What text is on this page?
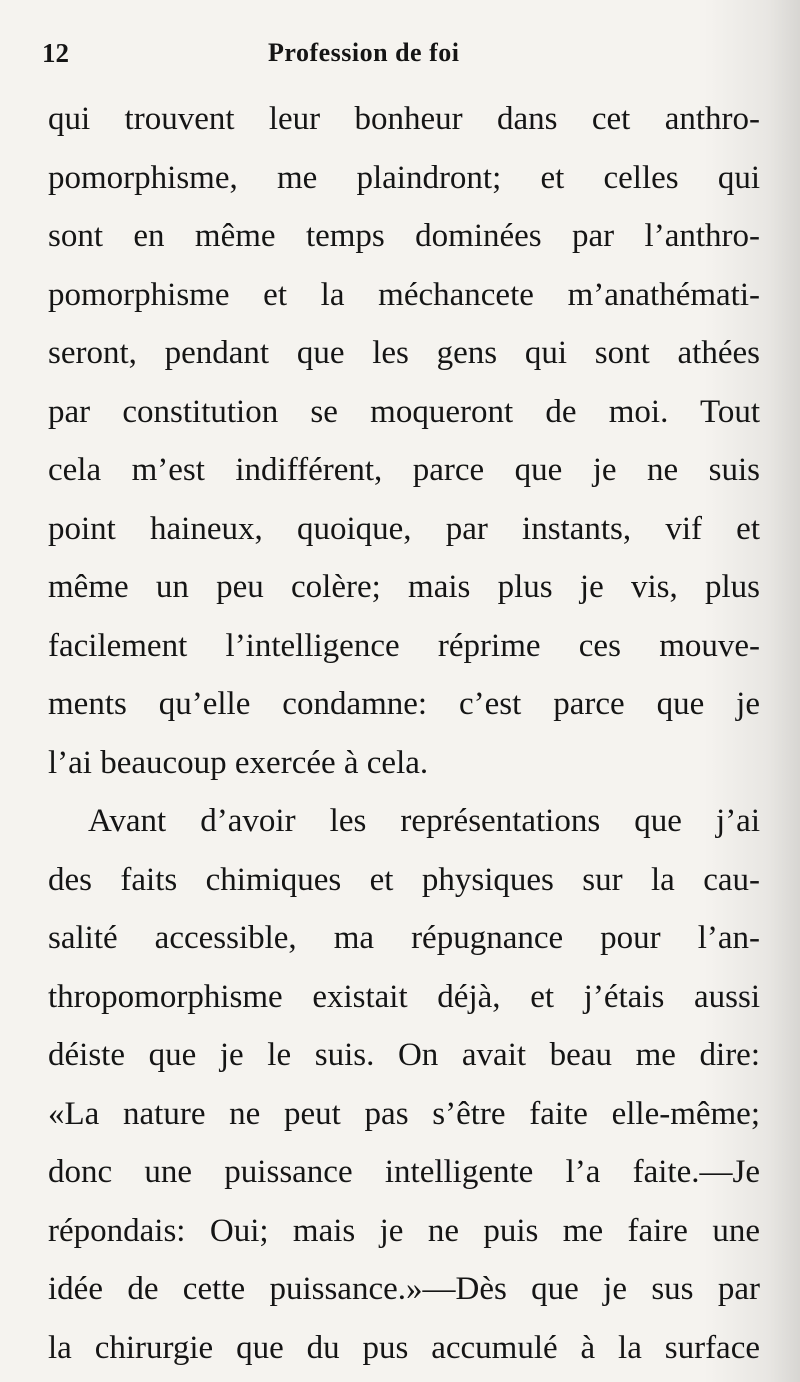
12	Profession de foi
qui trouvent leur bonheur dans cet anthro-
pomorphisme, me plaindront; et celles qui
sont en même temps dominées par l’anthro-
pomorphisme et la méchancete m’anathémati-
seront, pendant que les gens qui sont athées
par constitution se moqueront de moi. Tout
cela m’est indifférent, parce que je ne suis
point haineux, quoique, par instants, vif et
même un peu colère; mais plus je vis, plus
facilement l’intelligence réprime ces mouve-
ments qu’elle condamne: c’est parce que je
l’ai beaucoup exercée à cela.
Avant d’avoir les représentations que j’ai
des faits chimiques et physiques sur la cau-
salité accessible, ma répugnance pour l’an-
thropomorphisme existait déjà, et j’étais aussi
déiste que je le suis. On avait beau me dire:
«La nature ne peut pas s’être faite elle-même;
donc une puissance intelligente l’a faite.—Je
répondais: Oui; mais je ne puis me faire une
idée de cette puissance.»—Dès que je sus par
la chirurgie que du pus accumulé à la surface
